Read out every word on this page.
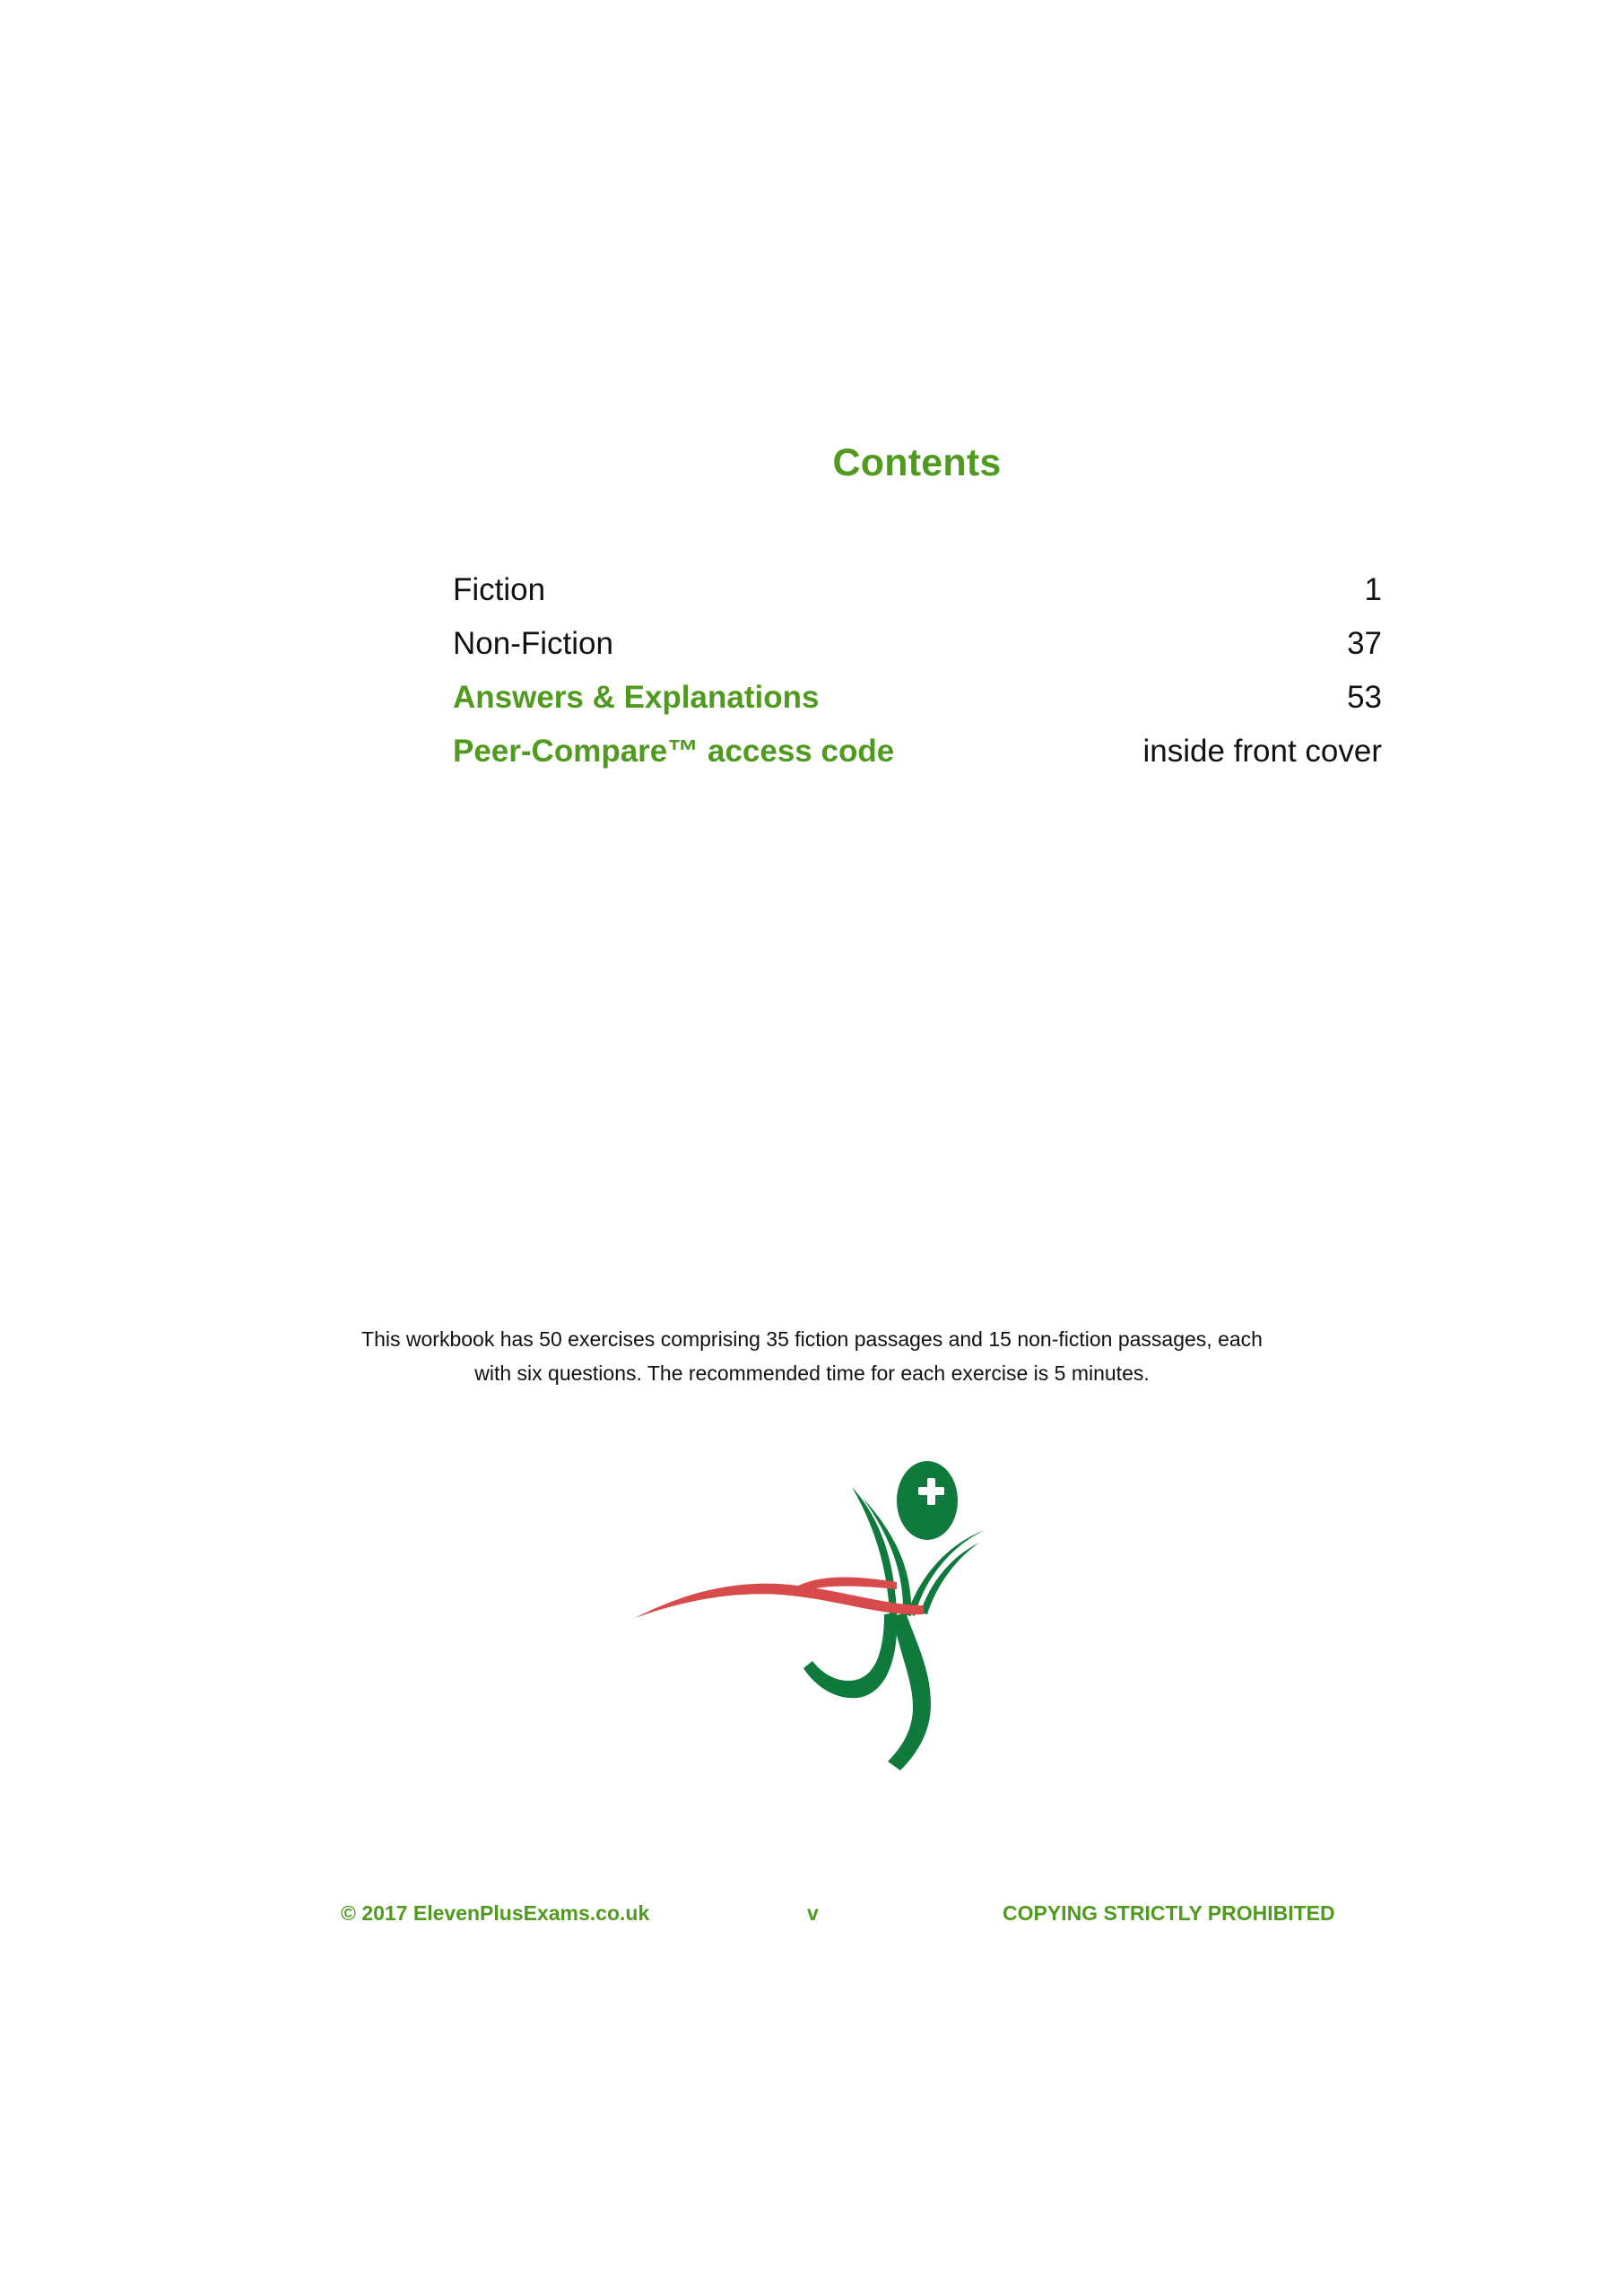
Contents
Fiction	1
Non-Fiction	37
Answers & Explanations	53
Peer-Compare™ access code	inside front cover

This workbook has 50 exercises comprising 35 fiction passages and 15 non-fiction passages, each

with six questions. The recommended time for each exercise is 5 minutes.

© 2017 ElevenPlusExams.co.uk	v	COPYING STRICTLY PROHIBITED
